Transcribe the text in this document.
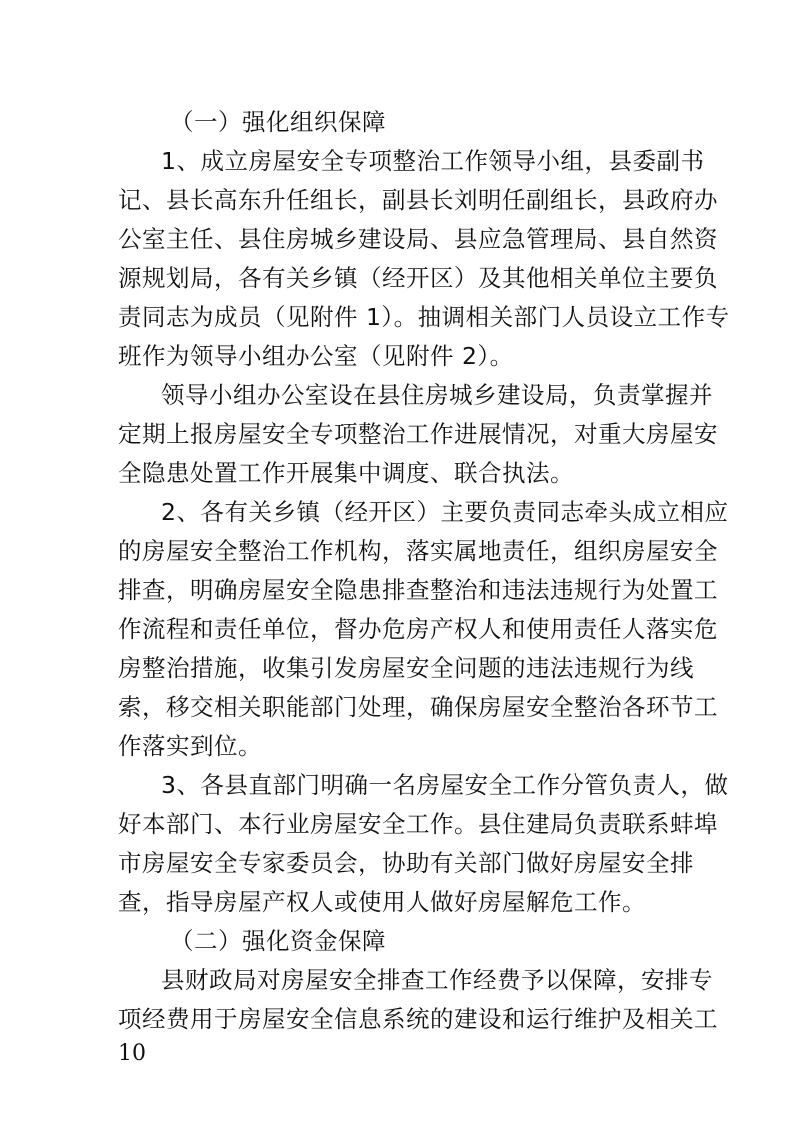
（一）强化组织保障
1、成立房屋安全专项整治工作领导小组，县委副书
记、县长高东升任组长，副县长刘明任副组长，县政府办
公室主任、县住房城乡建设局、县应急管理局、县自然资
源规划局，各有关乡镇（经开区）及其他相关单位主要负
责同志为成员（见附件 1）。抽调相关部门人员设立工作专
班作为领导小组办公室（见附件 2）。
领导小组办公室设在县住房城乡建设局，负责掌握并
定期上报房屋安全专项整治工作进展情况，对重大房屋安
全隐患处置工作开展集中调度、联合执法。
2、各有关乡镇（经开区）主要负责同志牵头成立相应
的房屋安全整治工作机构，落实属地责任，组织房屋安全
排查，明确房屋安全隐患排查整治和违法违规行为处置工
作流程和责任单位，督办危房产权人和使用责任人落实危
房整治措施，收集引发房屋安全问题的违法违规行为线
索，移交相关职能部门处理，确保房屋安全整治各环节工
作落实到位。
3、各县直部门明确一名房屋安全工作分管负责人，做
好本部门、本行业房屋安全工作。县住建局负责联系蚌埠
市房屋安全专家委员会，协助有关部门做好房屋安全排
查，指导房屋产权人或使用人做好房屋解危工作。
（二）强化资金保障
县财政局对房屋安全排查工作经费予以保障，安排专
项经费用于房屋安全信息系统的建设和运行维护及相关工
10
